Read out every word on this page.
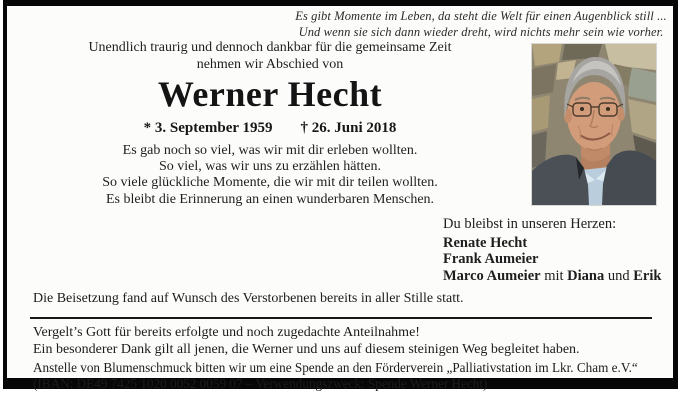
Es gibt Momente im Leben, da steht die Welt für einen Augenblick still ...
Und wenn sie sich dann wieder dreht, wird nichts mehr sein wie vorher.
Unendlich traurig und dennoch dankbar für die gemeinsame Zeit
nehmen wir Abschied von
Werner Hecht
* 3. September 1959 † 26. Juni 2018
Es gab noch so viel, was wir mit dir erleben wollten.
So viel, was wir uns zu erzählen hätten.
So viele glückliche Momente, die wir mit dir teilen wollten.
Es bleibt die Erinnerung an einen wunderbaren Menschen.
Du bleibst in unseren Herzen:
Renate Hecht
Frank Aumeier
Marco Aumeier mit Diana und Erik
Die Beisetzung fand auf Wunsch des Verstorbenen bereits in aller Stille statt.
Vergelt’s Gott für bereits erfolgte und noch zugedachte Anteilnahme!
Ein besonderer Dank gilt all jenen, die Werner und uns auf diesem steinigen Weg begleitet haben.
Anstelle von Blumenschmuck bitten wir um eine Spende an den Förderverein „Palliativstation im Lkr. Cham e.V.“
(IBAN: DE49 7425 1020 0052 0059 07 – Verwendungszweck: Spende Werner Hecht)
